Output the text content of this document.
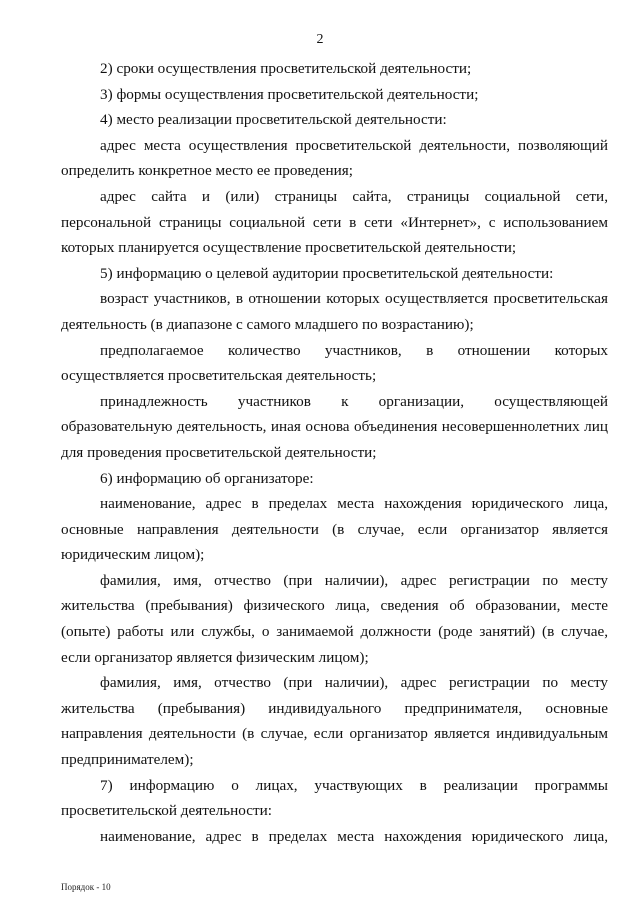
2

2) сроки осуществления просветительской деятельности;

3) формы осуществления просветительской деятельности;

4) место реализации просветительской деятельности:

адрес места осуществления просветительской деятельности, позволяющий определить конкретное место ее проведения;

адрес сайта и (или) страницы сайта, страницы социальной сети, персональной страницы социальной сети в сети «Интернет», с использованием которых планируется осуществление просветительской деятельности;

5) информацию о целевой аудитории просветительской деятельности:

возраст участников, в отношении которых осуществляется просветительская деятельность (в диапазоне с самого младшего по возрастанию);

предполагаемое количество участников, в отношении которых осуществляется просветительская деятельность;

принадлежность участников к организации, осуществляющей образовательную деятельность, иная основа объединения несовершеннолетних лиц для проведения просветительской деятельности;

6) информацию об организаторе:

наименование, адрес в пределах места нахождения юридического лица, основные направления деятельности (в случае, если организатор является юридическим лицом);

фамилия, имя, отчество (при наличии), адрес регистрации по месту жительства (пребывания) физического лица, сведения об образовании, месте (опыте) работы или службы, о занимаемой должности (роде занятий) (в случае, если организатор является физическим лицом);

фамилия, имя, отчество (при наличии), адрес регистрации по месту жительства (пребывания) индивидуального предпринимателя, основные направления деятельности (в случае, если организатор является индивидуальным предпринимателем);

7) информацию о лицах, участвующих в реализации программы просветительской деятельности:

наименование, адрес в пределах места нахождения юридического лица,

Порядок - 10
